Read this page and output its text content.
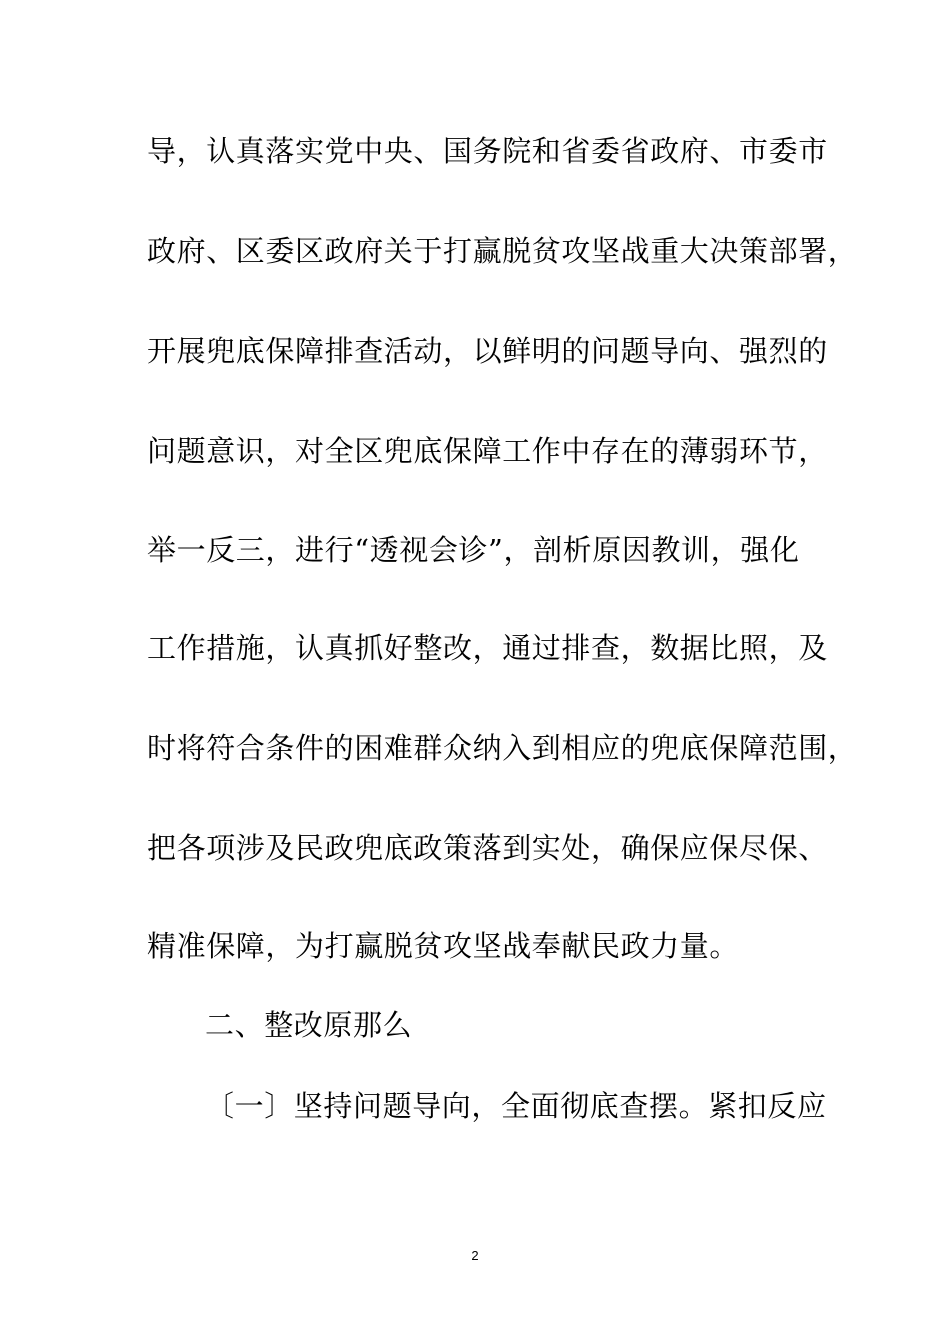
导，认真落实党中央、国务院和省委省政府、市委市
政府、区委区政府关于打赢脱贫攻坚战重大决策部署，
开展兜底保障排查活动，以鲜明的问题导向、强烈的
问题意识，对全区兜底保障工作中存在的薄弱环节，
举一反三，进行“透视会诊”，剖析原因教训，强化
工作措施，认真抓好整改，通过排查，数据比照，及
时将符合条件的困难群众纳入到相应的兜底保障范围，
把各项涉及民政兜底政策落到实处，确保应保尽保、
精准保障，为打赢脱贫攻坚战奉献民政力量。
二、整改原那么
〔一〕坚持问题导向，全面彻底查摆。紧扣反应
2
